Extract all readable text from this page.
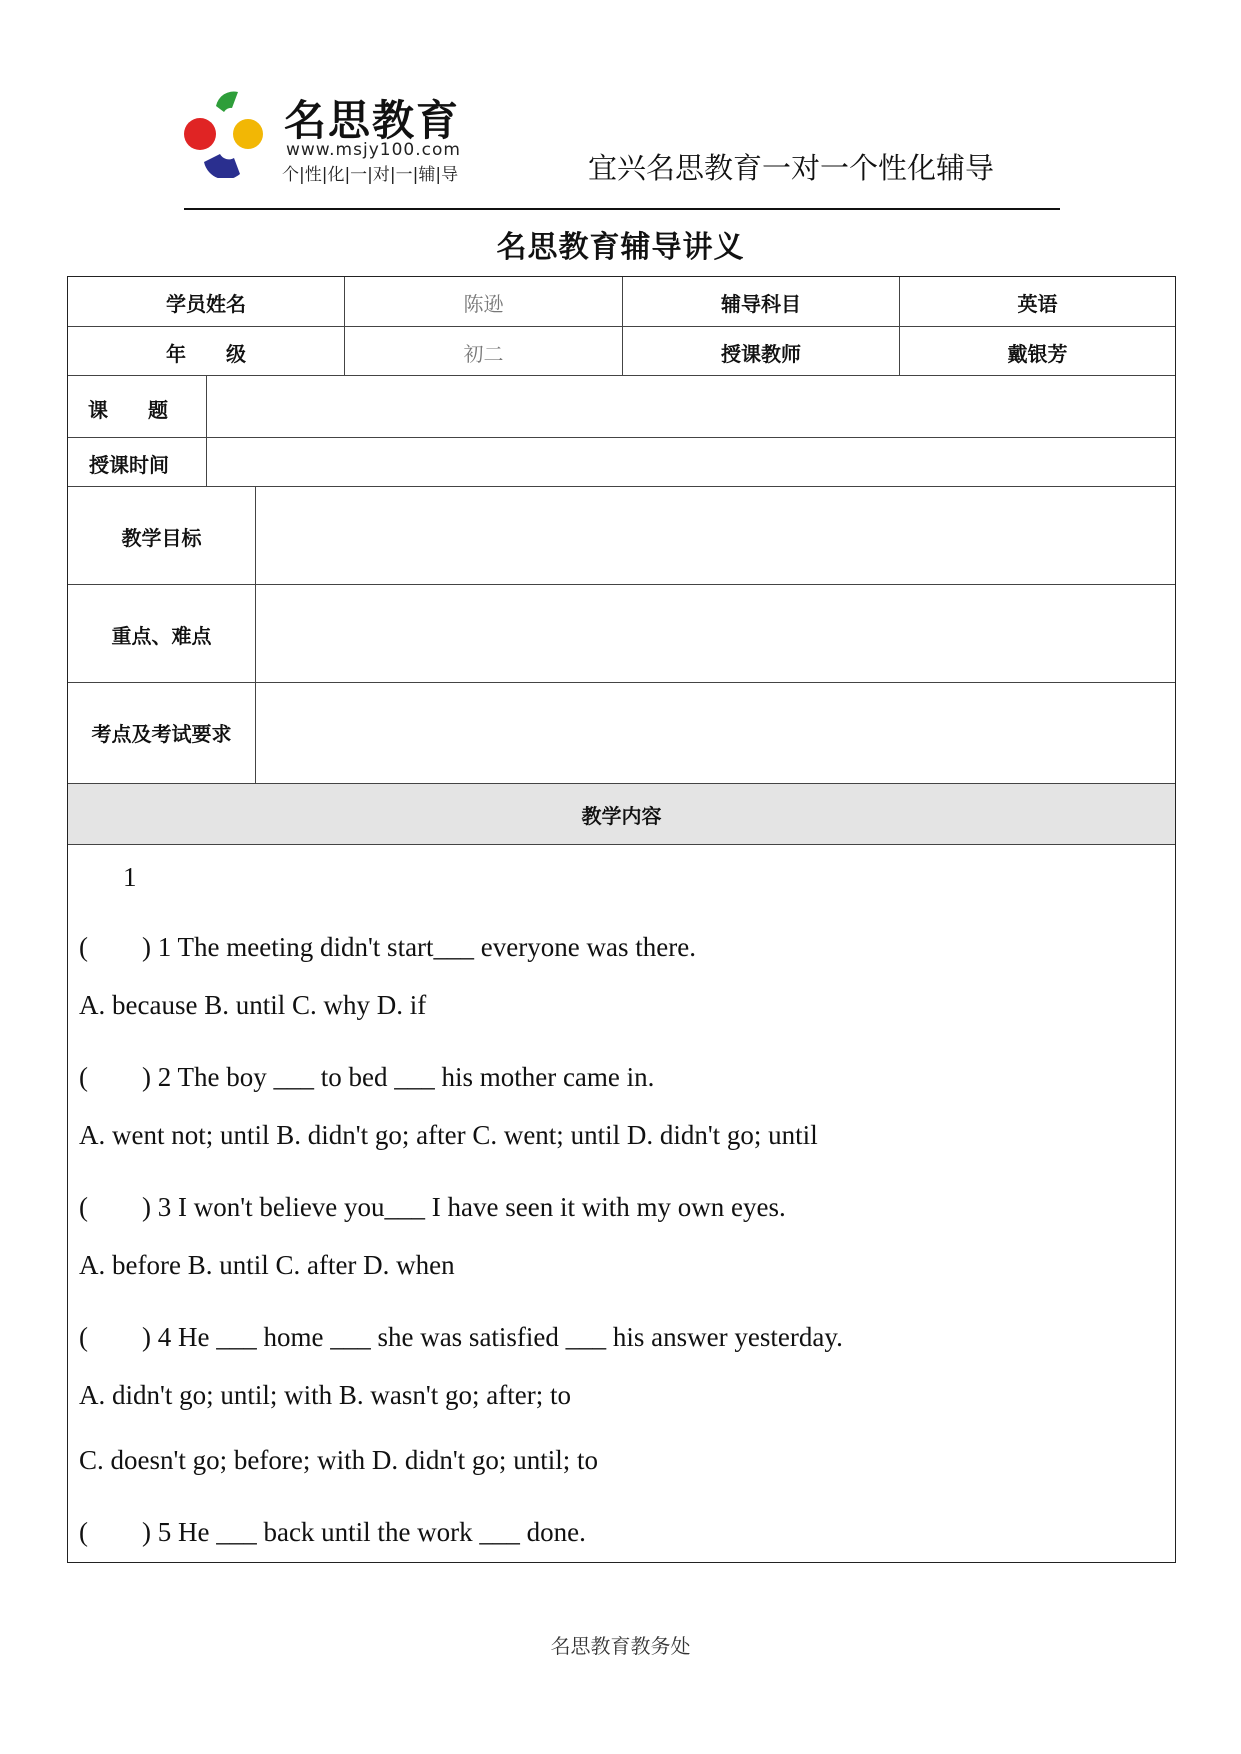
名思教育
www.msjy100.com
个|性|化|一|对|一|辅|导	宜兴名思教育一对一个性化辅导
名思教育辅导讲义
学员姓名	陈逊	辅导科目	英语
年　　级	初二	授课教师	戴银芳
课　　题
授课时间
教学目标
重点、难点
考点及考试要求
教学内容
1
(　　) 1 The meeting didn't start___ everyone was there.
A. because B. until C. why D. if
(　　) 2 The boy ___ to bed ___ his mother came in.
A. went not; until B. didn't go; after C. went; until D. didn't go; until
(　　) 3 I won't believe you___ I have seen it with my own eyes.
A. before B. until C. after D. when
(　　) 4 He ___ home ___ she was satisfied ___ his answer yesterday.
A. didn't go; until; with B. wasn't go; after; to
C. doesn't go; before; with D. didn't go; until; to
(　　) 5 He ___ back until the work ___ done.
名思教育教务处
